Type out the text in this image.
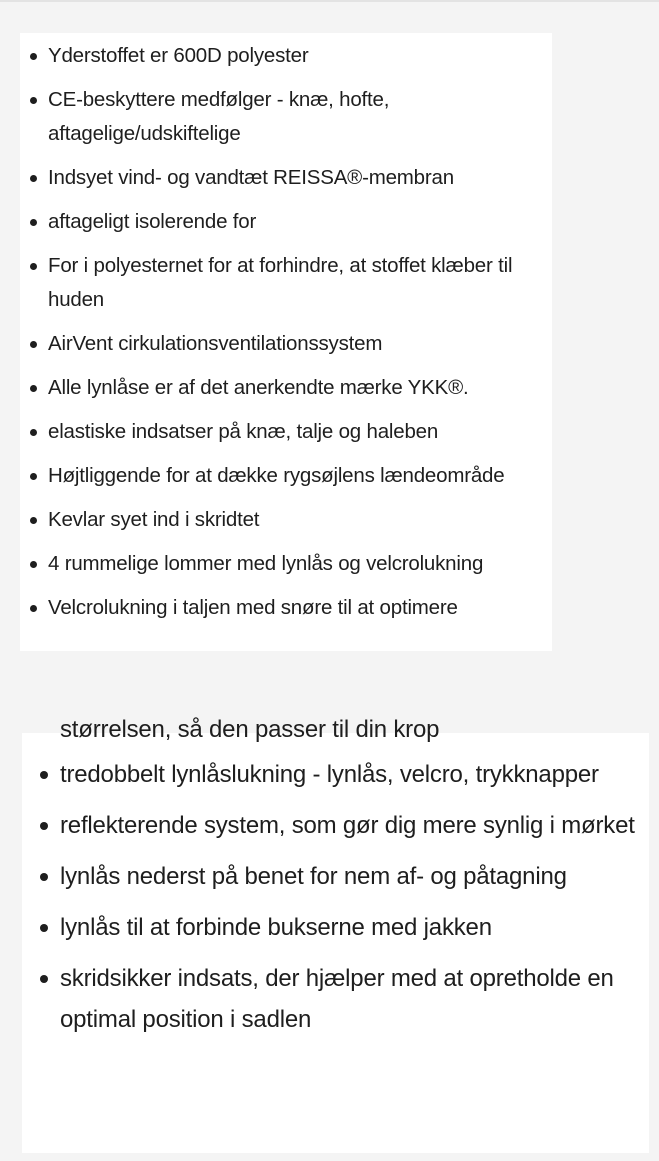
Yderstoffet er 600D polyester
CE-beskyttere medfølger - knæ, hofte, aftagelige/udskiftelige
Indsyet vind- og vandtæt REISSA®-membran
aftageligt isolerende for
For i polyesternet for at forhindre, at stoffet klæber til huden
AirVent cirkulationsventilationssystem
Alle lynlåse er af det anerkendte mærke YKK®.
elastiske indsatser på knæ, talje og haleben
Højtliggende for at dække rygsøjlens lændeområde
Kevlar syet ind i skridtet
4 rummelige lommer med lynlås og velcrolukning
Velcrolukning i taljen med snøre til at optimere
størrelsen, så den passer til din krop
tredobbelt lynlåslukning - lynlås, velcro, trykknapper
reflekterende system, som gør dig mere synlig i mørket
lynlås nederst på benet for nem af- og påtagning
lynlås til at forbinde bukserne med jakken
skridsikker indsats, der hjælper med at opretholde en optimal position i sadlen
